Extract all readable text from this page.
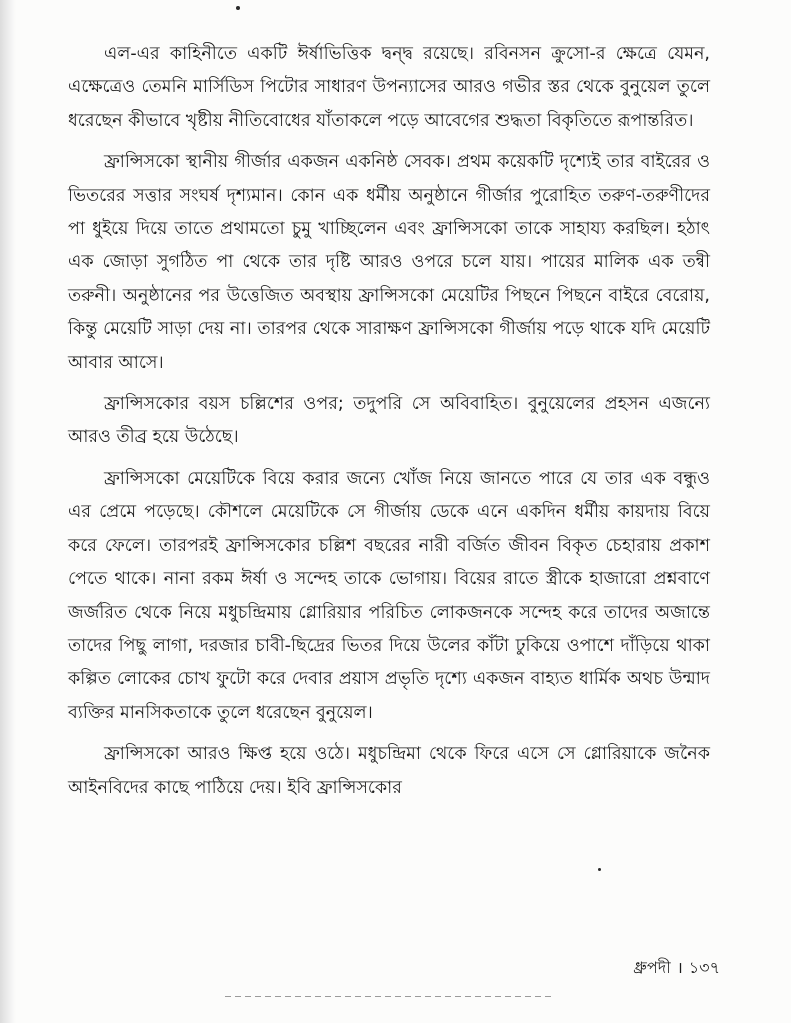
এল-এর কাহিনীতে একটি ঈর্ষাভিত্তিক দ্বন্দ্ব রয়েছে। রবিনসন ক্রুসো-র ক্ষেত্রে যেমন, এক্ষেত্রেও তেমনি মার্সিডিস পিটোর সাধারণ উপন্যাসের আরও গভীর স্তর থেকে বুনুয়েল তুলে ধরেছেন কীভাবে খৃষ্টীয় নীতিবোধের যাঁতাকলে পড়ে আবেগের শুদ্ধতা বিকৃতিতে রূপান্তরিত।

ফ্রান্সিসকো স্থানীয় গীর্জার একজন একনিষ্ঠ সেবক। প্রথম কয়েকটি দৃশ্যেই তার বাইরের ও ভিতরের সত্তার সংঘর্ষ দৃশ্যমান। কোন এক ধর্মীয় অনুষ্ঠানে গীর্জার পুরোহিত তরুণ-তরুণীদের পা ধুইয়ে দিয়ে তাতে প্রথামতো চুমু খাচ্ছিলেন এবং ফ্রান্সিসকো তাকে সাহায্য করছিল। হঠাৎ এক জোড়া সুগঠিত পা থেকে তার দৃষ্টি আরও ওপরে চলে যায়। পায়ের মালিক এক তন্বী তরুনী। অনুষ্ঠানের পর উত্তেজিত অবস্থায় ফ্রান্সিসকো মেয়েটির পিছনে পিছনে বাইরে বেরোয়, কিন্তু মেয়েটি সাড়া দেয় না। তারপর থেকে সারাক্ষণ ফ্রান্সিসকো গীর্জায় পড়ে থাকে যদি মেয়েটি আবার আসে।

ফ্রান্সিসকোর বয়স চল্লিশের ওপর; তদুপরি সে অবিবাহিত। বুনুয়েলের প্রহসন এজন্যে আরও তীব্র হয়ে উঠেছে।

ফ্রান্সিসকো মেয়েটিকে বিয়ে করার জন্যে খোঁজ নিয়ে জানতে পারে যে তার এক বন্ধুও এর প্রেমে পড়েছে। কৌশলে মেয়েটিকে সে গীর্জায় ডেকে এনে একদিন ধর্মীয় কায়দায় বিয়ে করে ফেলে। তারপরই ফ্রান্সিসকোর চল্লিশ বছরের নারী বর্জিত জীবন বিকৃত চেহারায় প্রকাশ পেতে থাকে। নানা রকম ঈর্ষা ও সন্দেহ তাকে ভোগায়। বিয়ের রাতে স্ত্রীকে হাজারো প্রশ্নবাণে জর্জরিত থেকে নিয়ে মধুচন্দ্রিমায় গ্লোরিয়ার পরিচিত লোকজনকে সন্দেহ করে তাদের অজান্তে তাদের পিছু লাগা, দরজার চাবী-ছিদ্রের ভিতর দিয়ে উলের কাঁটা ঢুকিয়ে ওপাশে দাঁড়িয়ে থাকা কল্পিত লোকের চোখ ফুটো করে দেবার প্রয়াস প্রভৃতি দৃশ্যে একজন বাহ্যত ধার্মিক অথচ উন্মাদ ব্যক্তির মানসিকতাকে তুলে ধরেছেন বুনুয়েল।

ফ্রান্সিসকো আরও ক্ষিপ্ত হয়ে ওঠে। মধুচন্দ্রিমা থেকে ফিরে এসে সে গ্লোরিয়াকে জনৈক আইনবিদের কাছে পাঠিয়ে দেয়। ইবি ফ্রান্সিসকোর

ধ্রুপদী । ১৩৭
